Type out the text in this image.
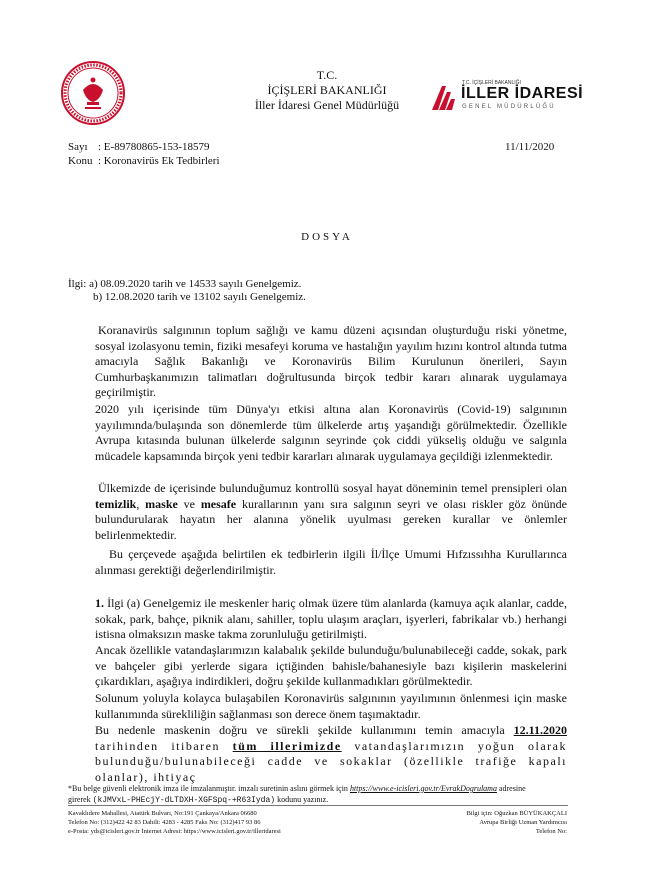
T.C.
İÇİŞLERİ BAKANLIĞI
İller İdaresi Genel Müdürlüğü
T.C. İÇİŞLERİ BAKANLIĞI
İLLER İDARESİ
GENEL MÜDÜRLÜĞÜ
Sayı : E-89780865-153-18579
Konu : Koronavirüs Ek Tedbirleri
11/11/2020
DOSYA
İlgi: a) 08.09.2020 tarih ve 14533 sayılı Genelgemiz.
b) 12.08.2020 tarih ve 13102 sayılı Genelgemiz.

Koranavirüs salgınının toplum sağlığı ve kamu düzeni açısından oluşturduğu riski yönetme, sosyal izolasyonu temin, fiziki mesafeyi koruma ve hastalığın yayılım hızını kontrol altında tutma amacıyla Sağlık Bakanlığı ve Koronavirüs Bilim Kurulunun önerileri, Sayın Cumhurbaşkanımızın talimatları doğrultusunda birçok tedbir kararı alınarak uygulamaya geçirilmiştir.

2020 yılı içerisinde tüm Dünya'yı etkisi altına alan Koronavirüs (Covid-19) salgınının yayılımında/bulaşında son dönemlerde tüm ülkelerde artış yaşandığı görülmektedir. Özellikle Avrupa kıtasında bulunan ülkelerde salgının seyrinde çok ciddi yükseliş olduğu ve salgınla mücadele kapsamında birçok yeni tedbir kararları alınarak uygulamaya geçildiği izlenmektedir.

Ülkemizde de içerisinde bulunduğumuz kontrollü sosyal hayat döneminin temel prensipleri olan temizlik, maske ve mesafe kurallarının yanı sıra salgının seyri ve olası riskler göz önünde bulundurularak hayatın her alanına yönelik uyulması gereken kurallar ve önlemler belirlenmektedir.

Bu çerçevede aşağıda belirtilen ek tedbirlerin ilgili İl/İlçe Umumi Hıfzıssıhha Kurullarınca alınması gerektiği değerlendirilmiştir.

1. İlgi (a) Genelgemiz ile meskenler hariç olmak üzere tüm alanlarda (kamuya açık alanlar, cadde, sokak, park, bahçe, piknik alanı, sahiller, toplu ulaşım araçları, işyerleri, fabrikalar vb.) herhangi istisna olmaksızın maske takma zorunluluğu getirilmişti.

Ancak özellikle vatandaşlarımızın kalabalık şekilde bulunduğu/bulunabileceği cadde, sokak, park ve bahçeler gibi yerlerde sigara içtiğinden bahisle/bahanesiyle bazı kişilerin maskelerini çıkardıkları, aşağıya indirdikleri, doğru şekilde kullanmadıkları görülmektedir.

Solunum yoluyla kolayca bulaşabilen Koronavirüs salgınının yayılımının önlenmesi için maske kullanımında sürekliliğin sağlanması son derece önem taşımaktadır.

Bu nedenle maskenin doğru ve sürekli şekilde kullanımını temin amacıyla 12.11.2020 tarihinden itibaren tüm illerimizde vatandaşlarımızın yoğun olarak bulunduğu/bulunabileceği cadde ve sokaklar (özellikle trafiğe kapalı olanlar), ihtiyaç

*Bu belge güvenli elektronik imza ile imzalanmıştır. imzalı suretinin aslını görmek için https://www.e-icisleri.gov.tr/EvrakDogrulama adresine
girerek (kJMVxL-PHEcjY-dLTDXH-XGFSpq-+R63Iyda) kodunu yazınız.
Kavaklıdere Mahallesi, Atatürk Bulvarı, No:191 Çankaya/Ankara 06680
Telefon No: (312)422 42 83 Dahili: 4283 - 4285 Faks No: (312)417 93 86
e-Posta: yds@icisleri.gov.tr İnternet Adresi: https://www.icisleri.gov.tr/illeridaresi
Bilgi için: Oğuzkan BÜYÜKAKÇALI
Avrupa Birliği Uzman Yardımcısı
Telefon No:
